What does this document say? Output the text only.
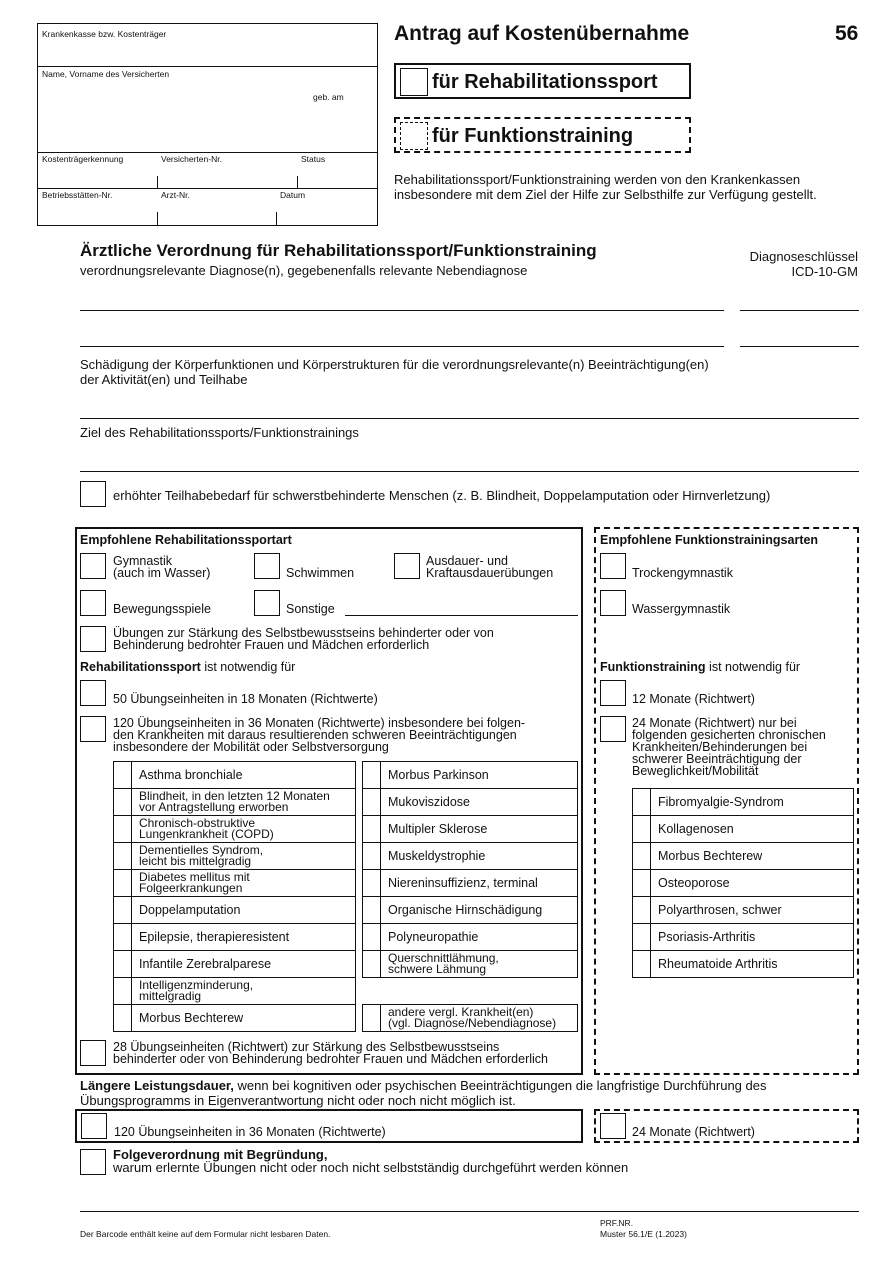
Krankenkasse bzw. Kostenträger
Name, Vorname des Versicherten
geb. am
Kostenträgerkennung	Versicherten-Nr.	Status
Betriebsstätten-Nr.	Arzt-Nr.	Datum
Antrag auf Kostenübernahme	56
für Rehabilitationssport
für Funktionstraining
Rehabilitationssport/Funktionstraining werden von den Krankenkassen
insbesondere mit dem Ziel der Hilfe zur Selbsthilfe zur Verfügung gestellt.
Ärztliche Verordnung für Rehabilitationssport/Funktionstraining
verordnungsrelevante Diagnose(n), gegebenenfalls relevante Nebendiagnose
Diagnoseschlüssel
ICD-10-GM
Schädigung der Körperfunktionen und Körperstrukturen für die verordnungsrelevante(n) Beeinträchtigung(en)
der Aktivität(en) und Teilhabe
Ziel des Rehabilitationssports/Funktionstrainings
erhöhter Teilhabebedarf für schwerstbehinderte Menschen (z. B. Blindheit, Doppelamputation oder Hirnverletzung)
Empfohlene Rehabilitationssportart
Gymnastik
(auch im Wasser)	Schwimmen
Ausdauer- und
Kraftausdauerübungen
Bewegungsspiele	Sonstige
Übungen zur Stärkung des Selbstbewusstseins behinderter oder von
Behinderung bedrohter Frauen und Mädchen erforderlich
Rehabilitationssport ist notwendig für
50 Übungseinheiten in 18 Monaten (Richtwerte)
120 Übungseinheiten in 36 Monaten (Richtwerte) insbesondere bei folgen-
den Krankheiten mit daraus resultierenden schweren Beeinträchtigungen
insbesondere der Mobilität oder Selbstversorgung

	Asthma bronchiale

	Blindheit, in den letzten 12 Monaten
vor Antragstellung erworben

	Chronisch-obstruktive
Lungenkrankheit (COPD)

	Dementielles Syndrom,
leicht bis mittelgradig

	Diabetes mellitus mit
Folgeerkrankungen

	Doppelamputation

	Epilepsie, therapieresistent

	Infantile Zerebralparese

	Intelligenzminderung,
mittelgradig

	Morbus Bechterew

	Morbus Parkinson

	Mukoviszidose

	Multipler Sklerose

	Muskeldystrophie

	Niereninsuffizienz, terminal

	Organische Hirnschädigung

	Polyneuropathie

	Querschnittlähmung,
schwere Lähmung

andere vergl. Krankheit(en)
(vgl. Diagnose/Nebendiagnose)
28 Übungseinheiten (Richtwert) zur Stärkung des Selbstbewusstseins
behinderter oder von Behinderung bedrohter Frauen und Mädchen erforderlich
Empfohlene Funktionstrainingsarten
Trockengymnastik
Wassergymnastik
Funktionstraining ist notwendig für
12 Monate (Richtwert)
24 Monate (Richtwert) nur bei
folgenden gesicherten chronischen
Krankheiten/Behinderungen bei
schwerer Beeinträchtigung der
Beweglichkeit/Mobilität

	Fibromyalgie-Syndrom

	Kollagenosen

	Morbus Bechterew

	Osteoporose

	Polyarthrosen, schwer

	Psoriasis-Arthritis

	Rheumatoide Arthritis
Längere Leistungsdauer, wenn bei kognitiven oder psychischen Beeinträchtigungen die langfristige Durchführung des
Übungsprogramms in Eigenverantwortung nicht oder noch nicht möglich ist.
120 Übungseinheiten in 36 Monaten (Richtwerte)	24 Monate (Richtwert)
Folgeverordnung mit Begründung,
warum erlernte Übungen nicht oder noch nicht selbstständig durchgeführt werden können
Der Barcode enthält keine auf dem Formular nicht lesbaren Daten.
PRF.NR.
Muster 56.1/E (1.2023)
